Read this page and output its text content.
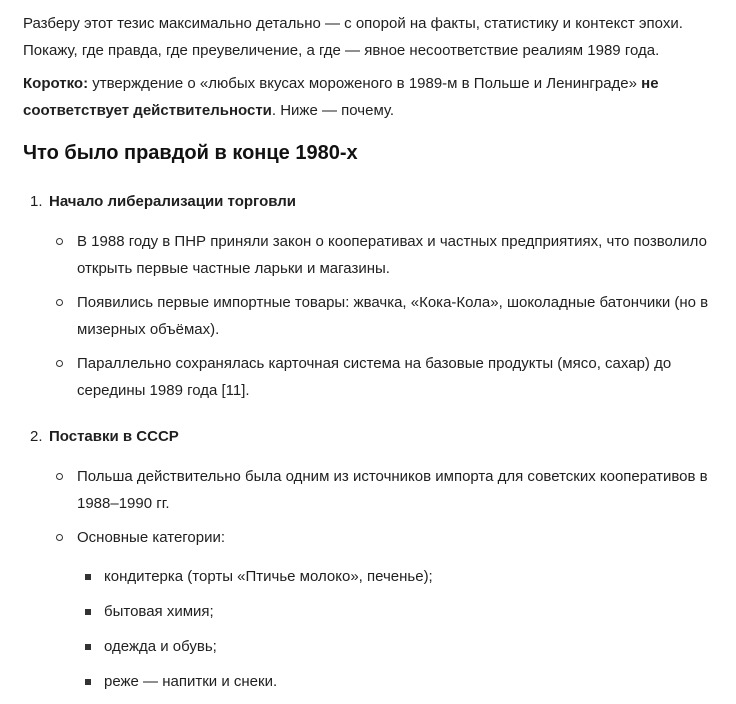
Разберу этот тезис максимально детально — с опорой на факты, статистику и контекст эпохи. Покажу, где правда, где преувеличение, а где — явное несоответствие реалиям 1989 года.

Коротко: утверждение о «любых вкусах мороженого в 1989-м в Польше и Ленинграде» не соответствует действительности. Ниже — почему.

Что было правдой в конце 1980-х
1. Начало либерализации торговли
В 1988 году в ПНР приняли закон о кооперативах и частных предприятиях, что позволило открыть первые частные ларьки и магазины.
Появились первые импортные товары: жвачка, «Кока-Кола», шоколадные батончики (но в мизерных объёмах).
Параллельно сохранялась карточная система на базовые продукты (мясо, сахар) до середины 1989 года [11].
2. Поставки в СССР
Польша действительно была одним из источников импорта для советских кооперативов в 1988–1990 гг.
Основные категории:
кондитерка (торты «Птичье молоко», печенье);
бытовая химия;
одежда и обувь;
реже — напитки и снеки.
